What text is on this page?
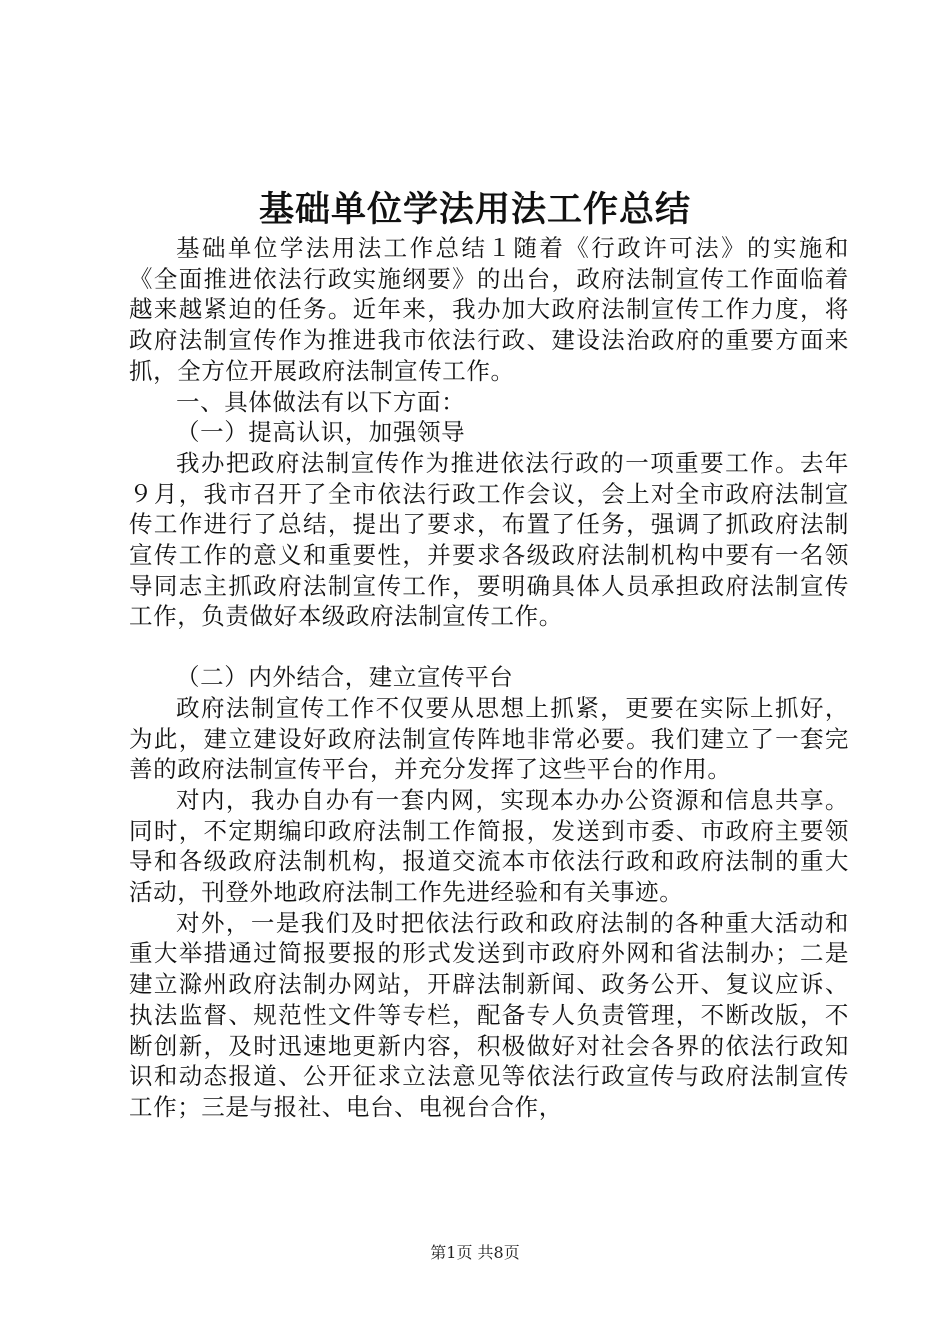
基础单位学法用法工作总结

基础单位学法用法工作总结１随着《行政许可法》的实施和《全面推进依法行政实施纲要》的出台，政府法制宣传工作面临着越来越紧迫的任务。近年来，我办加大政府法制宣传工作力度，将政府法制宣传作为推进我市依法行政、建设法治政府的重要方面来抓，全方位开展政府法制宣传工作。

一、具体做法有以下方面：

（一）提高认识，加强领导

我办把政府法制宣传作为推进依法行政的一项重要工作。去年９月，我市召开了全市依法行政工作会议，会上对全市政府法制宣传工作进行了总结，提出了要求，布置了任务，强调了抓政府法制宣传工作的意义和重要性，并要求各级政府法制机构中要有一名领导同志主抓政府法制宣传工作，要明确具体人员承担政府法制宣传工作，负责做好本级政府法制宣传工作。

（二）内外结合，建立宣传平台

政府法制宣传工作不仅要从思想上抓紧，更要在实际上抓好，为此，建立建设好政府法制宣传阵地非常必要。我们建立了一套完善的政府法制宣传平台，并充分发挥了这些平台的作用。

对内，我办自办有一套内网，实现本办办公资源和信息共享。同时，不定期编印政府法制工作简报，发送到市委、市政府主要领导和各级政府法制机构，报道交流本市依法行政和政府法制的重大活动，刊登外地政府法制工作先进经验和有关事迹。

对外，一是我们及时把依法行政和政府法制的各种重大活动和重大举措通过简报要报的形式发送到市政府外网和省法制办；二是建立滁州政府法制办网站，开辟法制新闻、政务公开、复议应诉、执法监督、规范性文件等专栏，配备专人负责管理，不断改版，不断创新，及时迅速地更新内容，积极做好对社会各界的依法行政知识和动态报道、公开征求立法意见等依法行政宣传与政府法制宣传工作；三是与报社、电台、电视台合作，

第1页 共8页
